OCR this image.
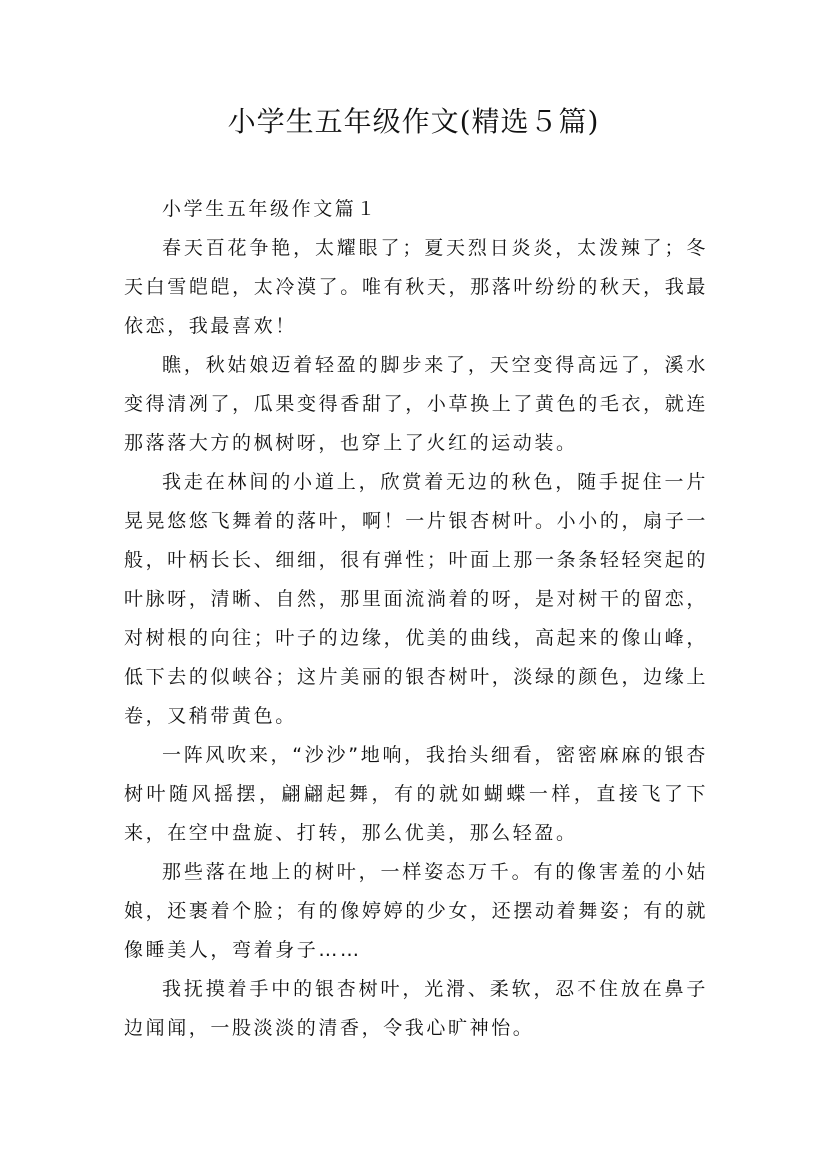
小学生五年级作文(精选５篇)
小学生五年级作文篇１

春天百花争艳，太耀眼了；夏天烈日炎炎，太泼辣了；冬天白雪皑皑，太冷漠了。唯有秋天，那落叶纷纷的秋天，我最依恋，我最喜欢！

瞧，秋姑娘迈着轻盈的脚步来了，天空变得高远了，溪水变得清冽了，瓜果变得香甜了，小草换上了黄色的毛衣，就连那落落大方的枫树呀，也穿上了火红的运动装。

我走在林间的小道上，欣赏着无边的秋色，随手捉住一片晃晃悠悠飞舞着的落叶，啊！一片银杏树叶。小小的，扇子一般，叶柄长长、细细，很有弹性；叶面上那一条条轻轻突起的叶脉呀，清晰、自然，那里面流淌着的呀，是对树干的留恋，对树根的向往；叶子的边缘，优美的曲线，高起来的像山峰，低下去的似峡谷；这片美丽的银杏树叶，淡绿的颜色，边缘上卷，又稍带黄色。

一阵风吹来，“沙沙”地响，我抬头细看，密密麻麻的银杏树叶随风摇摆，翩翩起舞，有的就如蝴蝶一样，直接飞了下来，在空中盘旋、打转，那么优美，那么轻盈。

那些落在地上的树叶，一样姿态万千。有的像害羞的小姑娘，还裹着个脸；有的像婷婷的少女，还摆动着舞姿；有的就像睡美人，弯着身子……

我抚摸着手中的银杏树叶，光滑、柔软，忍不住放在鼻子边闻闻，一股淡淡的清香，令我心旷神怡。
